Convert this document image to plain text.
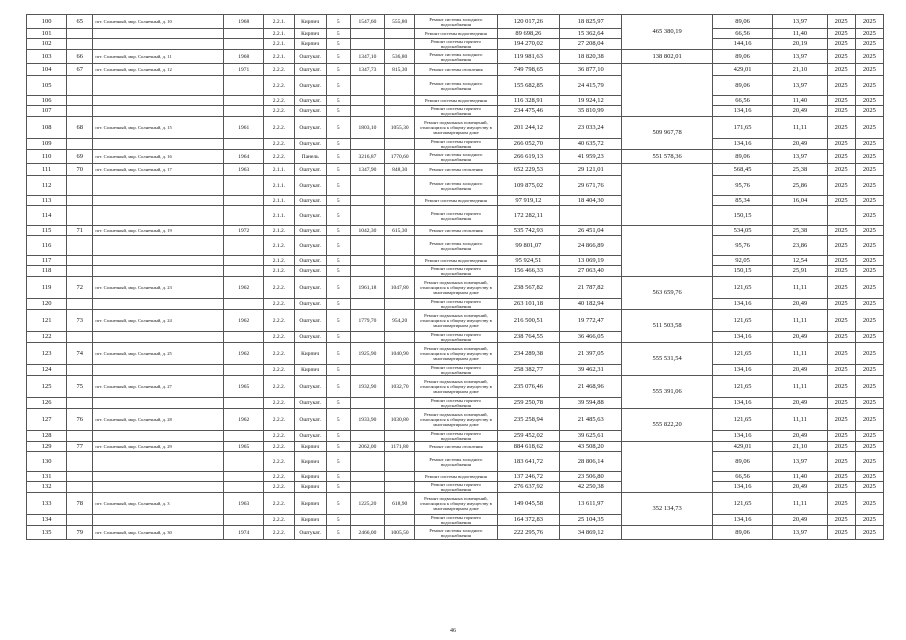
100	65	пгт. Солнечный, мкр. Солнечный, д. 10	1968	2.2.1.	Кирпич	5	1547,60	555,80	Ремонт системы холодного водоснабжения	120 017,26	18 825,97	465 380,19	89,06	13,97	2025	2025
101				2.2.1.	Кирпич	5			Ремонт системы водоотведения	89 698,26	15 362,64		66,56	11,40	2025	2025
102				2.2.1.	Кирпич	5			Ремонт системы горячего водоснабжения	194 270,02	27 208,04		144,16	20,19	2025	2025
103	66	пгт. Солнечный, мкр. Солнечный, д. 11	1968	2.2.1.	Оштукат.	5	1347,10	536,80	Ремонт системы холодного водоснабжения	119 981,63	18 820,38	138 802,01	89,06	13,97	2025	2025
104	67	пгт. Солнечный, мкр. Солнечный, д. 12	1971	2.2.2.	Оштукат.	5	1347,73	815,30	Ремонт системы отопления	749 798,65	36 877,10		429,01	21,10	2025	2025
105				2.2.2.	Оштукат.	5			Ремонт системы холодного водоснабжения	155 682,85	24 415,79		89,06	13,97	2025	2025
106				2.2.2.	Оштукат.	5			Ремонт системы водоотведения	116 328,91	19 924,12		66,56	11,40	2025	2025
107				2.2.2.	Оштукат.	5			Ремонт системы горячего водоснабжения	234 475,46	35 810,99		134,16	20,49	2025	2025
108	68	пгт. Солнечный, мкр. Солнечный, д. 15	1961	2.2.2.	Оштукат.	5	1803,10	1055,30	Ремонт подвальных помещений, относящихся к общему имуществу в многоквартирном доме	201 244,12	23 033,24	509 967,78	171,65	11,11	2025	2025
109				2.2.2.	Оштукат.	5			Ремонт системы горячего водоснабжения	266 052,70	40 635,72		134,16	20,49	2025	2025
110	69	пгт. Солнечный, мкр. Солнечный, д. 16	1964	2.2.2.	Панель	5	3216,87	1770,60	Ремонт системы холодного водоснабжения	266 619,13	41 959,23	551 578,36	89,06	13,97	2025	2025
111	70	пгт. Солнечный, мкр. Солнечный, д. 17	1963	2.1.1.	Оштукат.	5	1347,90	848,30	Ремонт системы отопления	652 229,53	29 121,01		568,45	25,38	2025	2025
112				2.1.1.	Оштукат.	5			Ремонт системы холодного водоснабжения	109 875,02	29 671,76		95,76	25,86	2025	2025
113				2.1.1.	Оштукат.	5			Ремонт системы водоотведения	97 919,12	18 404,30		85,34	16,04	2025	2025
114				2.1.1.	Оштукат.	5			Ремонт системы горячего водоснабжения	172 282,11			150,15			2025
115	71	пгт. Солнечный, мкр. Солнечный, д. 19	1972	2.1.2.	Оштукат.	5	1042,30	615,30	Ремонт системы отопления	535 742,93	26 451,04		534,05	25,38	2025	2025
116				2.1.2.	Оштукат.	5			Ремонт системы холодного водоснабжения	99 801,07	24 866,89		95,76	23,86	2025	2025
117				2.1.2.	Оштукат.	5			Ремонт системы водоотведения	95 924,51	13 069,19		92,05	12,54	2025	2025
118				2.1.2.	Оштукат.	5			Ремонт системы горячего водоснабжения	156 466,33	27 063,40		150,15	25,91	2025	2025
119	72	пгт. Солнечный, мкр. Солнечный, д. 23	1962	2.2.2.	Оштукат.	5	1961,18	1047,80	Ремонт подвальных помещений, относящихся к общему имуществу в многоквартирном доме	238 567,82	21 787,82	563 659,76	121,65	11,11	2025	2025
120				2.2.2.	Оштукат.	5			Ремонт системы горячего водоснабжения	263 101,18	40 182,94		134,16	20,49	2025	2025
121	73	пгт. Солнечный, мкр. Солнечный, д. 24	1962	2.2.2.	Оштукат.	5	1779,70	954,20	Ремонт подвальных помещений, относящихся к общему имуществу в многоквартирном доме	216 500,51	19 772,47	511 503,58	121,65	11,11	2025	2025
122				2.2.2.	Оштукат.	5			Ремонт системы горячего водоснабжения	238 764,55	36 466,05		134,16	20,49	2025	2025
123	74	пгт. Солнечный, мкр. Солнечный, д. 25	1962	2.2.2.	Кирпич	5	1925,90	1040,90	Ремонт подвальных помещений, относящихся к общему имуществу в многоквартирном доме	234 289,38	21 397,05	555 531,54	121,65	11,11	2025	2025
124				2.2.2.	Кирпич	5			Ремонт системы горячего водоснабжения	258 382,77	39 462,31		134,16	20,49	2025	2025
125	75	пгт. Солнечный, мкр. Солнечный, д. 27	1965	2.2.2.	Оштукат.	5	1932,90	1032,70	Ремонт подвальных помещений, относящихся к общему имуществу в многоквартирном доме	235 076,46	21 468,96	555 391,06	121,65	11,11	2025	2025
126				2.2.2.	Оштукат.	5			Ремонт системы горячего водоснабжения	259 250,78	39 594,88		134,16	20,49	2025	2025
127	76	пгт. Солнечный, мкр. Солнечный, д. 28	1962	2.2.2.	Оштукат.	5	1933,90	1030,80	Ремонт подвальных помещений, относящихся к общему имуществу в многоквартирном доме	235 258,94	21 485,63	555 822,20	121,65	11,11	2025	2025
128				2.2.2.	Оштукат.	5			Ремонт системы горячего водоснабжения	259 452,02	39 625,61		134,16	20,49	2025	2025
129	77	пгт. Солнечный, мкр. Солнечный, д. 29	1965	2.2.2.	Кирпич	5	2062,00	1171,80	Ремонт системы отопления	884 618,62	43 508,20		429,01	21,10	2025	2025
130				2.2.2.	Кирпич	5			Ремонт системы холодного водоснабжения	183 641,72	28 806,14		89,06	13,97	2025	2025
131				2.2.2.	Кирпич	5			Ремонт системы водоотведения	137 246,72	23 506,80		66,56	11,40	2025	2025
132				2.2.2.	Кирпич	5			Ремонт системы горячего водоснабжения	276 637,92	42 250,38		134,16	20,49	2025	2025
133	78	пгт. Солнечный, мкр. Солнечный, д. 3	1963	2.2.2.	Кирпич	5	1225,20	618,90	Ремонт подвальных помещений, относящихся к общему имуществу в многоквартирном доме	149 045,58	13 611,97	352 134,73	121,65	11,11	2025	2025
134				2.2.2.	Кирпич	5			Ремонт системы горячего водоснабжения	164 372,83	25 104,35		134,16	20,49	2025	2025
135	79	пгт. Солнечный, мкр. Солнечный, д. 30	1974	2.2.2.	Оштукат.	5	2466,00	1005,50	Ремонт системы холодного водоснабжения	222 295,76	34 869,12		89,06	13,97	2025	2025
46
